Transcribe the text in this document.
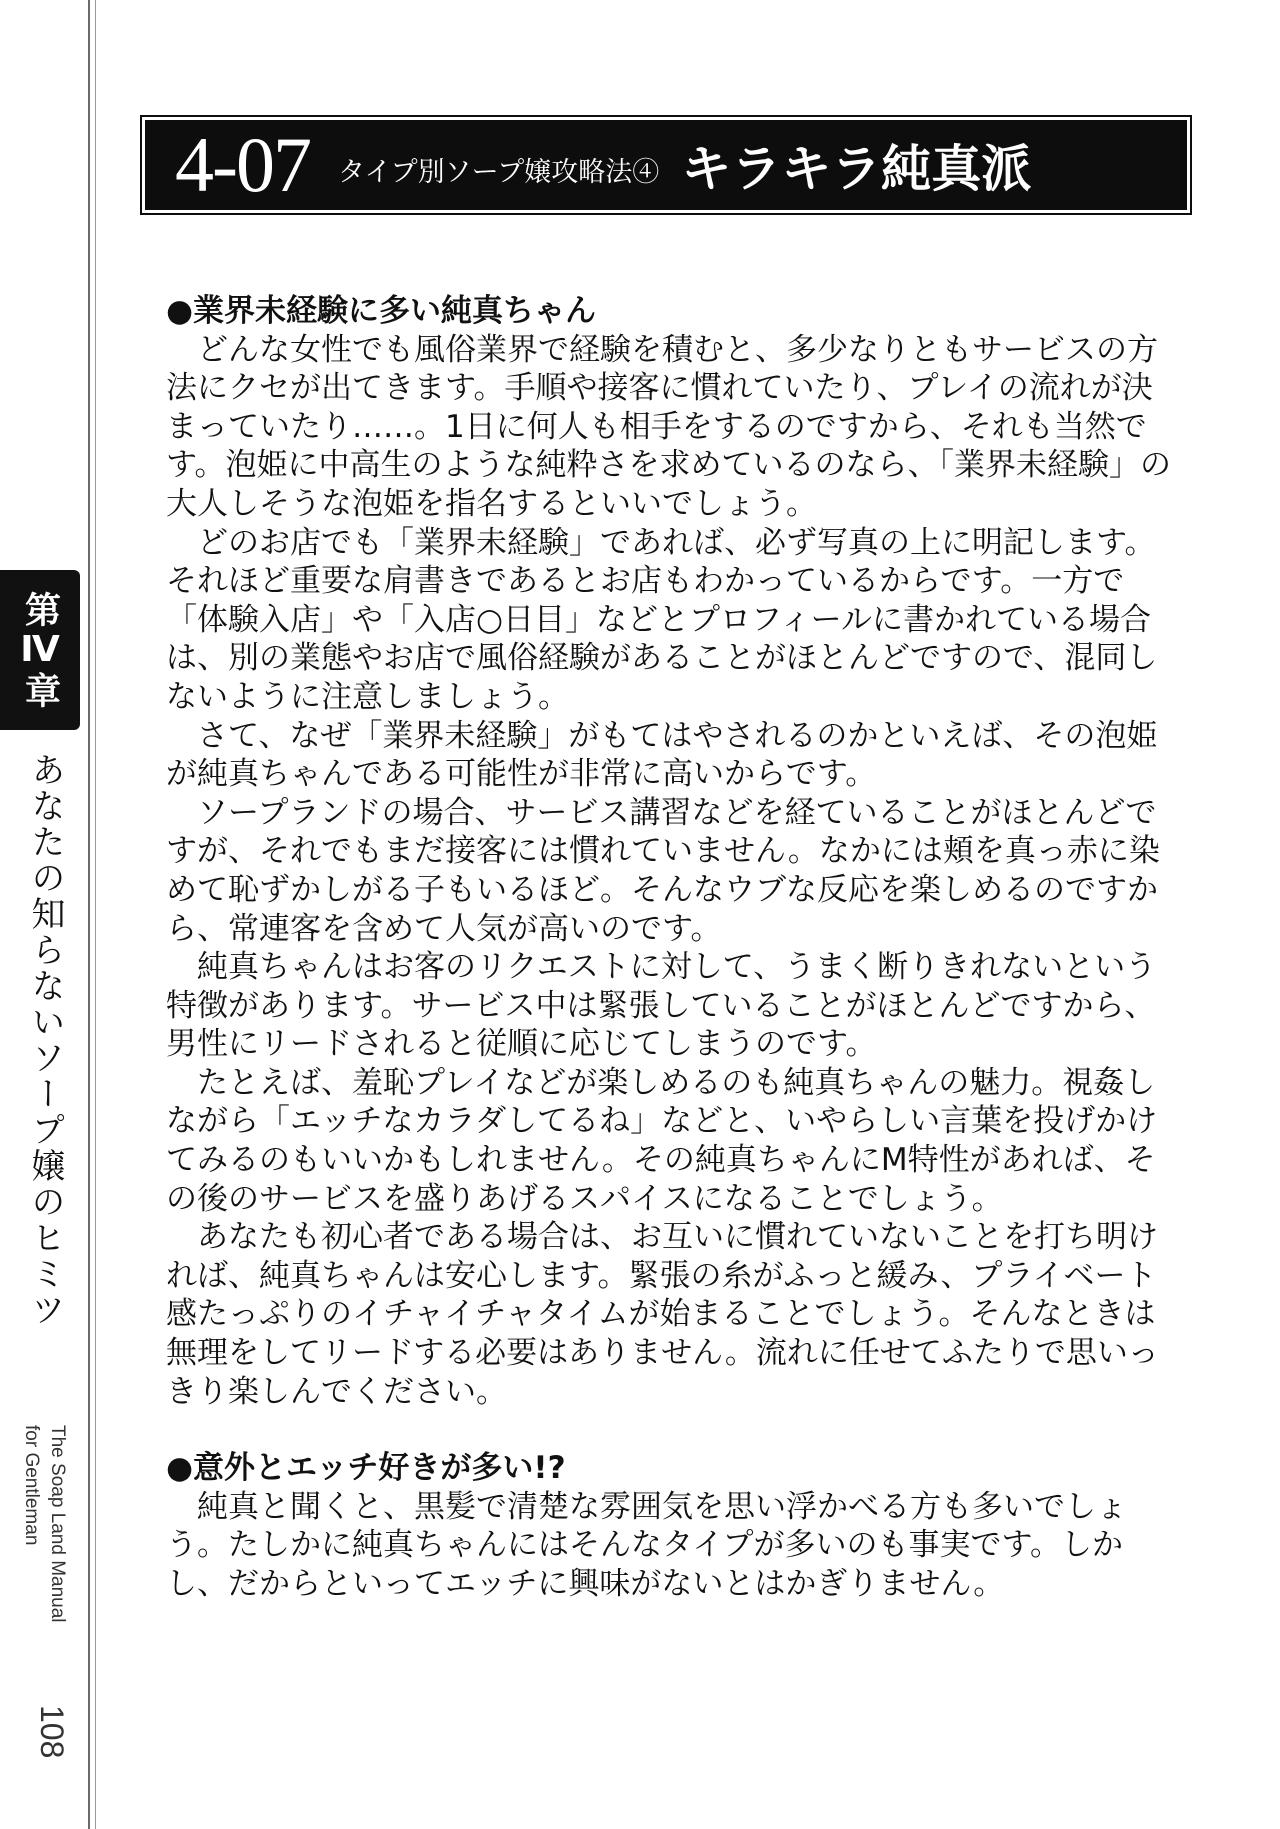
4-07 タイプ別ソープ嬢攻略法④ キラキラ純真派
第Ⅳ章
あなたの知らないソープ嬢のヒミツ
The Soap Land Manual
for Gentleman
108
●業界未経験に多い純真ちゃん
どんな女性でも風俗業界で経験を積むと、多少なりともサービスの方法にクセが出てきます。手順や接客に慣れていたり、プレイの流れが決まっていたり……。1日に何人も相手をするのですから、それも当然です。泡姫に中高生のような純粋さを求めているのなら、「業界未経験」の大人しそうな泡姫を指名するといいでしょう。
どのお店でも「業界未経験」であれば、必ず写真の上に明記します。それほど重要な肩書きであるとお店もわかっているからです。一方で「体験入店」や「入店○日目」などとプロフィールに書かれている場合は、別の業態やお店で風俗経験があることがほとんどですので、混同しないように注意しましょう。
さて、なぜ「業界未経験」がもてはやされるのかといえば、その泡姫が純真ちゃんである可能性が非常に高いからです。
ソープランドの場合、サービス講習などを経ていることがほとんどですが、それでもまだ接客には慣れていません。なかには頬を真っ赤に染めて恥ずかしがる子もいるほど。そんなウブな反応を楽しめるのですから、常連客を含めて人気が高いのです。
純真ちゃんはお客のリクエストに対して、うまく断りきれないという特徴があります。サービス中は緊張していることがほとんどですから、男性にリードされると従順に応じてしまうのです。
たとえば、羞恥プレイなどが楽しめるのも純真ちゃんの魅力。視姦しながら「エッチなカラダしてるね」などと、いやらしい言葉を投げかけてみるのもいいかもしれません。その純真ちゃんにM特性があれば、その後のサービスを盛りあげるスパイスになることでしょう。
あなたも初心者である場合は、お互いに慣れていないことを打ち明ければ、純真ちゃんは安心します。緊張の糸がふっと緩み、プライベート感たっぷりのイチャイチャタイムが始まることでしょう。そんなときは無理をしてリードする必要はありません。流れに任せてふたりで思いっきり楽しんでください。
●意外とエッチ好きが多い!?
純真と聞くと、黒髪で清楚な雰囲気を思い浮かべる方も多いでしょう。たしかに純真ちゃんにはそんなタイプが多いのも事実です。しかし、だからといってエッチに興味がないとはかぎりません。
